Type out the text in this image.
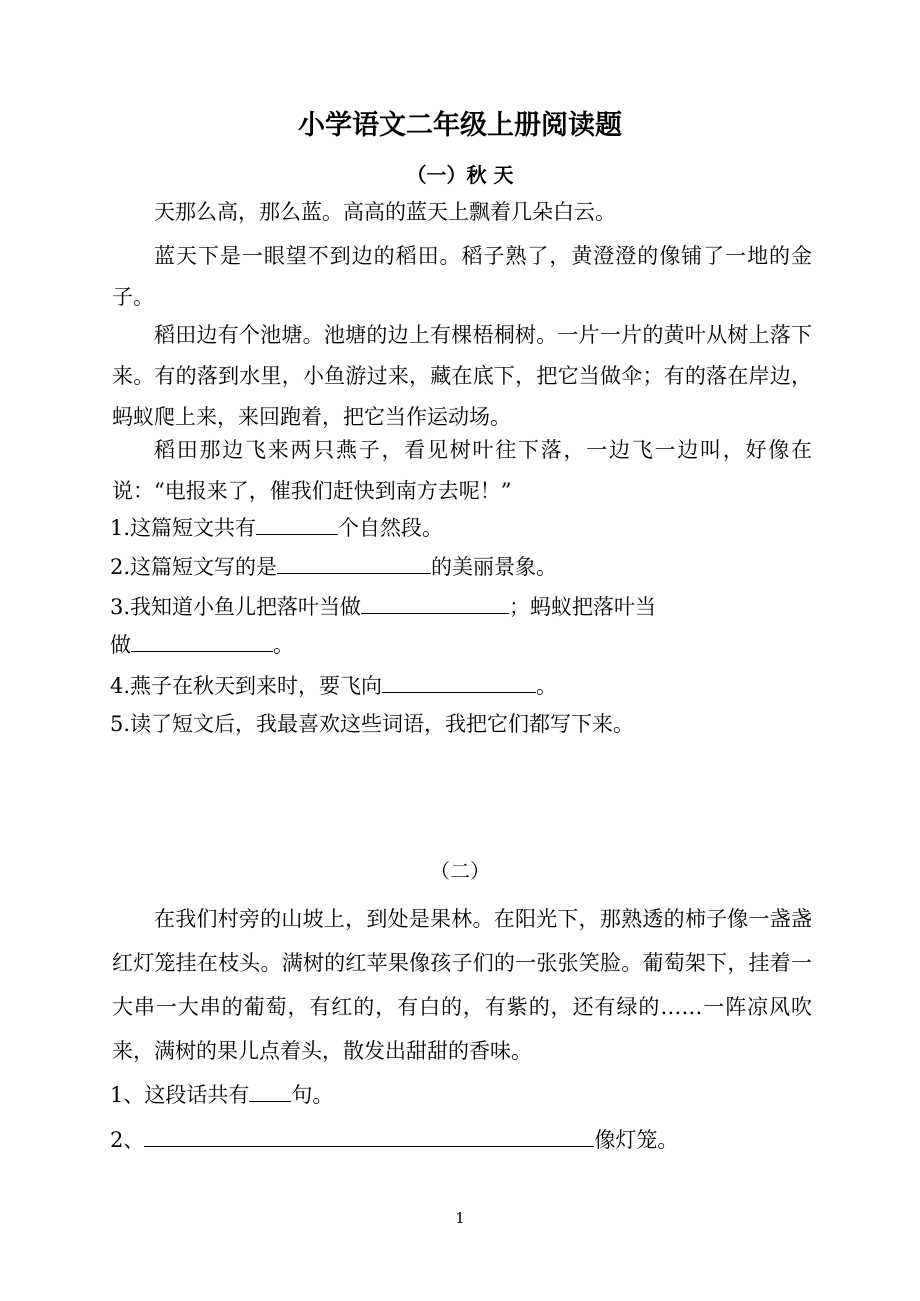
小学语文二年级上册阅读题
（一）秋 天
天那么高，那么蓝。高高的蓝天上飘着几朵白云。
蓝天下是一眼望不到边的稻田。稻子熟了，黄澄澄的像铺了一地的金子。
稻田边有个池塘。池塘的边上有棵梧桐树。一片一片的黄叶从树上落下来。有的落到水里，小鱼游过来，藏在底下，把它当做伞；有的落在岸边，蚂蚁爬上来，来回跑着，把它当作运动场。
稻田那边飞来两只燕子，看见树叶往下落，一边飞一边叫，好像在说：“电报来了，催我们赶快到南方去呢！”
1.这篇短文共有	个自然段。
2.这篇短文写的是	的美丽景象。
3.我知道小鱼儿把落叶当做	；蚂蚁把落叶当
做	。
4.燕子在秋天到来时，要飞向	。
5.读了短文后，我最喜欢这些词语，我把它们都写下来。
（二）
在我们村旁的山坡上，到处是果林。在阳光下，那熟透的柿子像一盏盏红灯笼挂在枝头。满树的红苹果像孩子们的一张张笑脸。葡萄架下，挂着一大串一大串的葡萄，有红的，有白的，有紫的，还有绿的……一阵凉风吹来，满树的果儿点着头，散发出甜甜的香味。
1、这段话共有 句。
2、	像灯笼。
1
